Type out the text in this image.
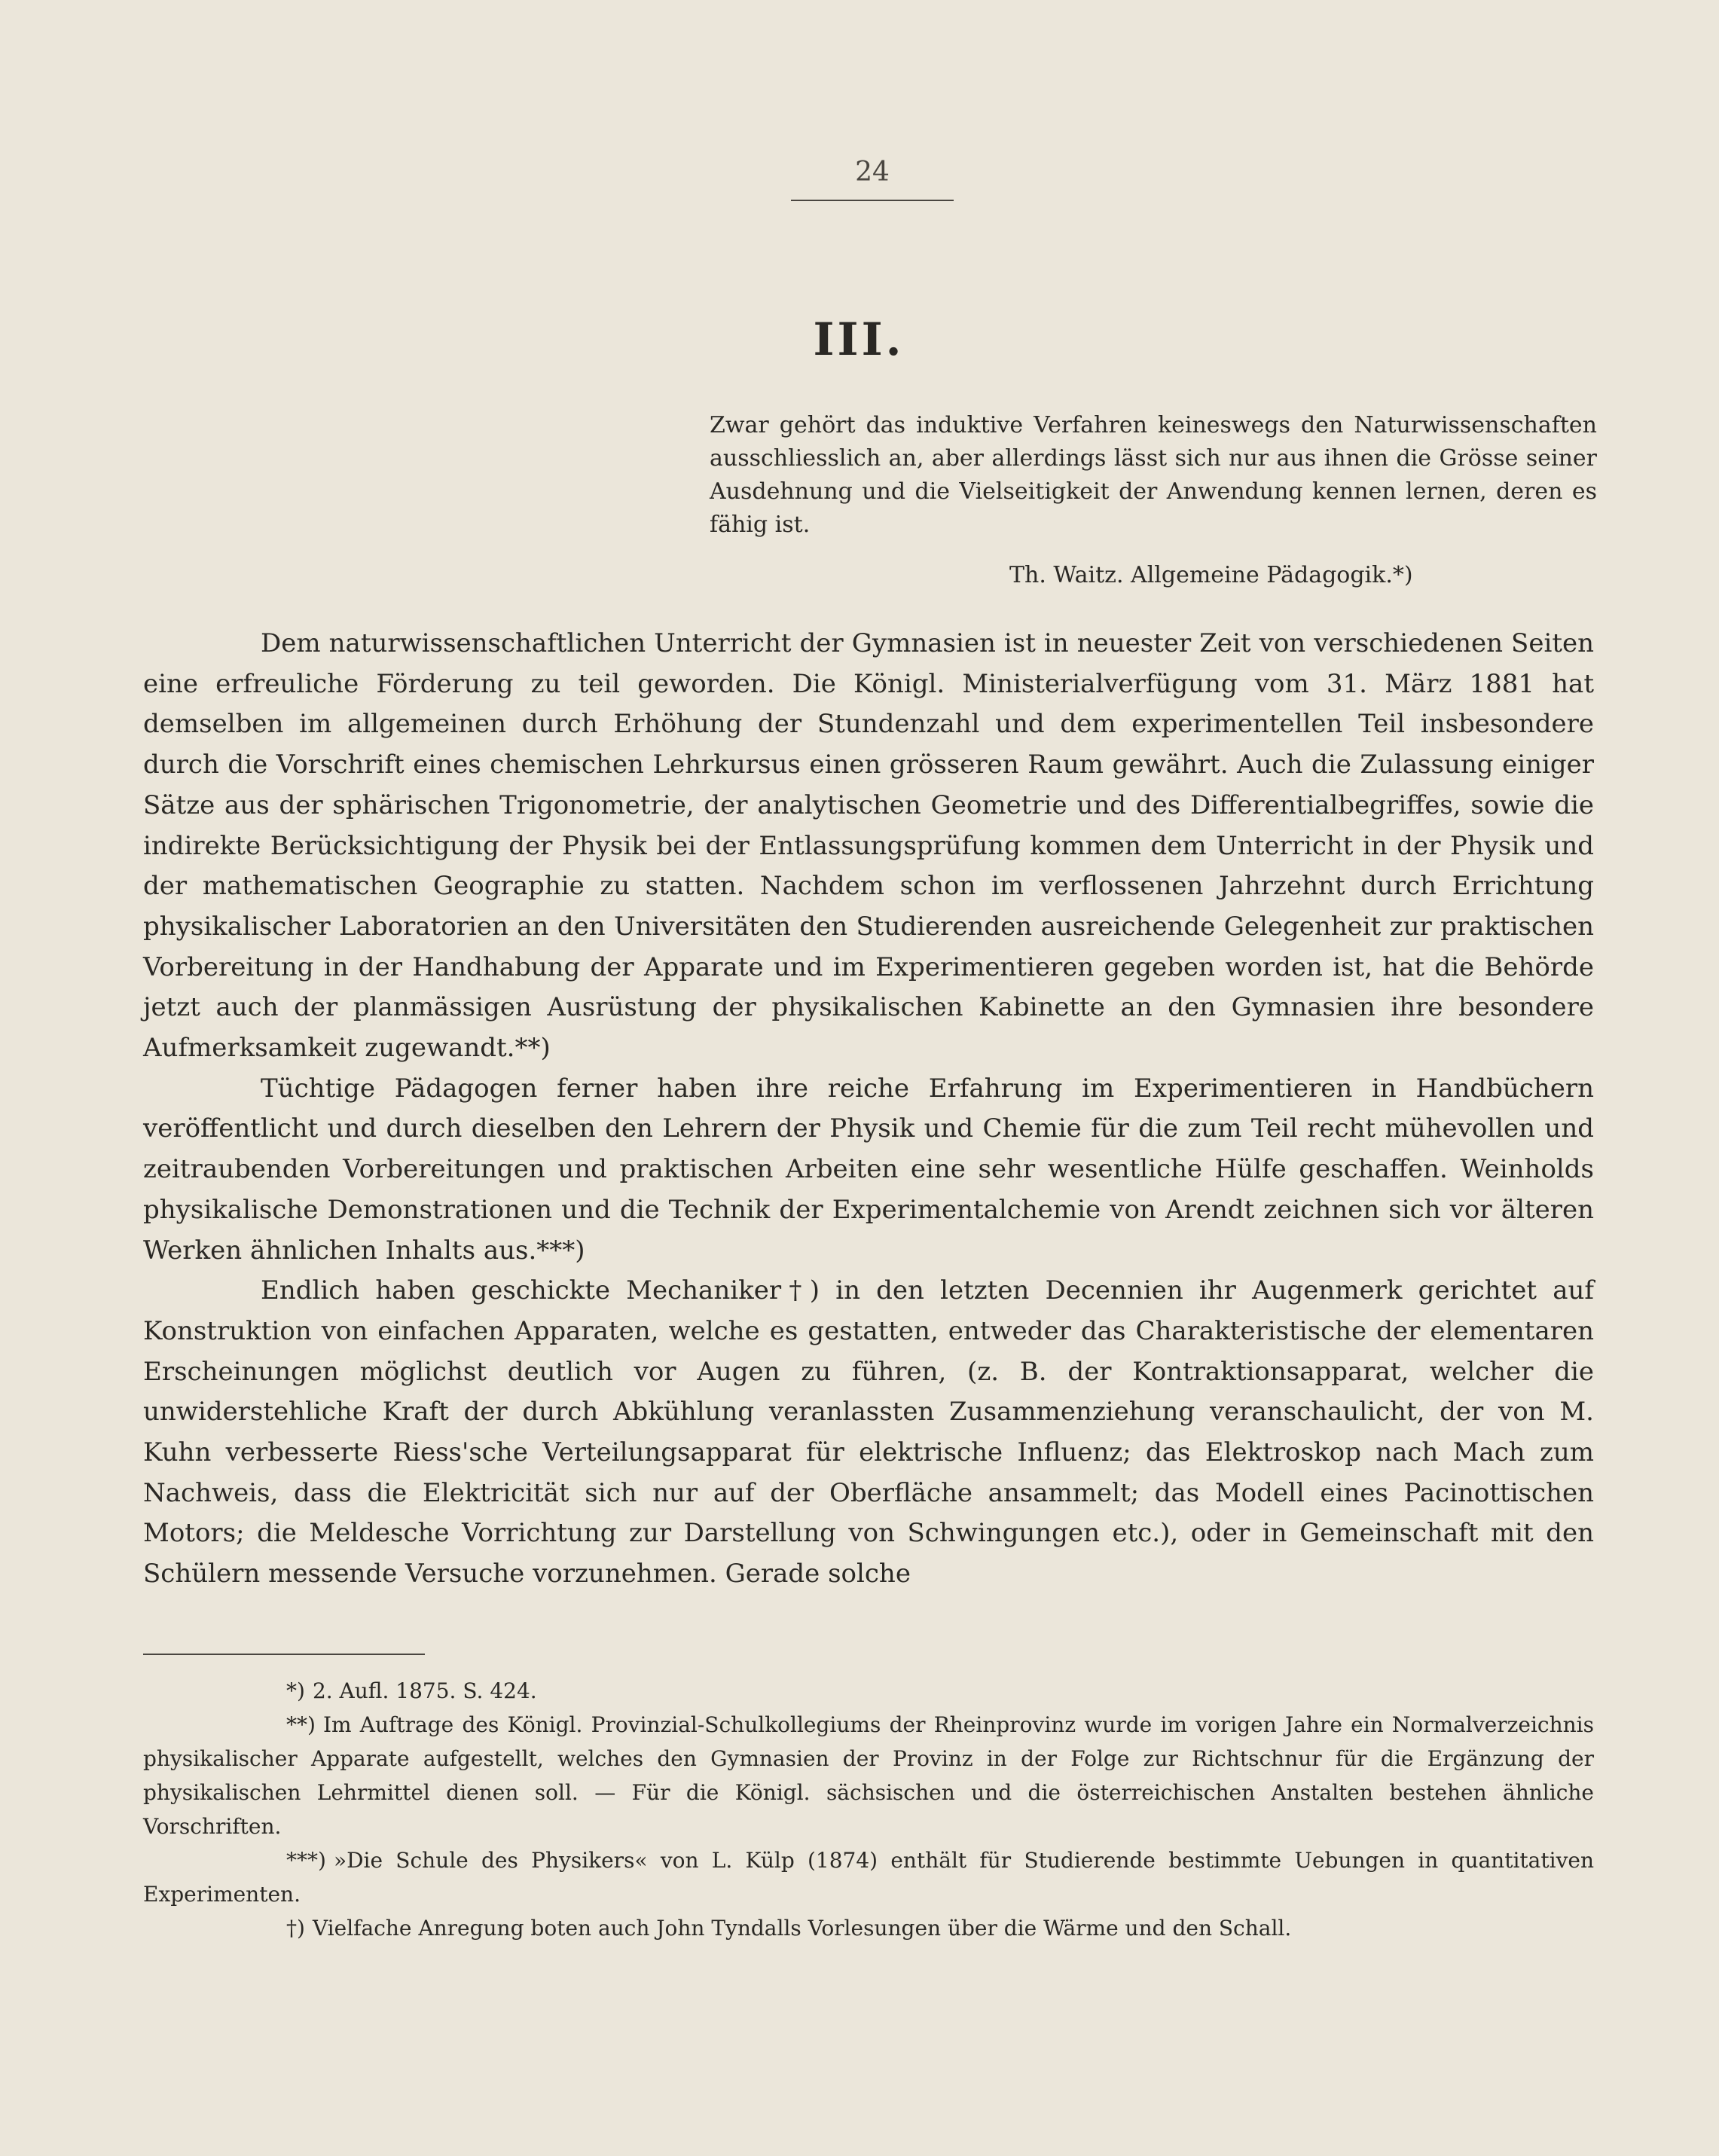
24
III.

Zwar gehört das induktive Verfahren keineswegs den Naturwissenschaften ausschliesslich an, aber allerdings lässt sich nur aus ihnen die Grösse seiner Ausdehnung und die Vielseitigkeit der Anwendung kennen lernen, deren es fähig ist.

Th. Waitz. Allgemeine Pädagogik.*)

Dem naturwissenschaftlichen Unterricht der Gymnasien ist in neuester Zeit von verschiedenen Seiten eine erfreuliche Förderung zu teil geworden. Die Königl. Ministerialverfügung vom 31. März 1881 hat demselben im allgemeinen durch Erhöhung der Stundenzahl und dem experimentellen Teil insbesondere durch die Vorschrift eines chemischen Lehrkursus einen grösseren Raum gewährt. Auch die Zulassung einiger Sätze aus der sphärischen Trigonometrie, der analytischen Geometrie und des Differentialbegriffes, sowie die indirekte Berücksichtigung der Physik bei der Entlassungsprüfung kommen dem Unterricht in der Physik und der mathematischen Geographie zu statten. Nachdem schon im verflossenen Jahrzehnt durch Errichtung physikalischer Laboratorien an den Universitäten den Studierenden ausreichende Gelegenheit zur praktischen Vorbereitung in der Handhabung der Apparate und im Experimentieren gegeben worden ist, hat die Behörde jetzt auch der planmässigen Ausrüstung der physikalischen Kabinette an den Gymnasien ihre besondere Aufmerksamkeit zugewandt.**)

Tüchtige Pädagogen ferner haben ihre reiche Erfahrung im Experimentieren in Handbüchern veröffentlicht und durch dieselben den Lehrern der Physik und Chemie für die zum Teil recht mühevollen und zeitraubenden Vorbereitungen und praktischen Arbeiten eine sehr wesentliche Hülfe geschaffen. Weinholds physikalische Demonstrationen und die Technik der Experimentalchemie von Arendt zeichnen sich vor älteren Werken ähnlichen Inhalts aus.***)

Endlich haben geschickte Mechaniker†) in den letzten Decennien ihr Augenmerk gerichtet auf Konstruktion von einfachen Apparaten, welche es gestatten, entweder das Charakteristische der elementaren Erscheinungen möglichst deutlich vor Augen zu führen, (z. B. der Kontraktionsapparat, welcher die unwiderstehliche Kraft der durch Abkühlung veranlassten Zusammenziehung veranschaulicht, der von M. Kuhn verbesserte Riess'sche Verteilungsapparat für elektrische Influenz; das Elektroskop nach Mach zum Nachweis, dass die Elektricität sich nur auf der Oberfläche ansammelt; das Modell eines Pacinottischen Motors; die Meldesche Vorrichtung zur Darstellung von Schwingungen etc.), oder in Gemeinschaft mit den Schülern messende Versuche vorzunehmen. Gerade solche

*) 2. Aufl. 1875. S. 424.

**) Im Auftrage des Königl. Provinzial-Schulkollegiums der Rheinprovinz wurde im vorigen Jahre ein Normalverzeichnis physikalischer Apparate aufgestellt, welches den Gymnasien der Provinz in der Folge zur Richtschnur für die Ergänzung der physikalischen Lehrmittel dienen soll. — Für die Königl. sächsischen und die österreichischen Anstalten bestehen ähnliche Vorschriften.

***) »Die Schule des Physikers« von L. Külp (1874) enthält für Studierende bestimmte Uebungen in quantitativen Experimenten.

†) Vielfache Anregung boten auch John Tyndalls Vorlesungen über die Wärme und den Schall.
